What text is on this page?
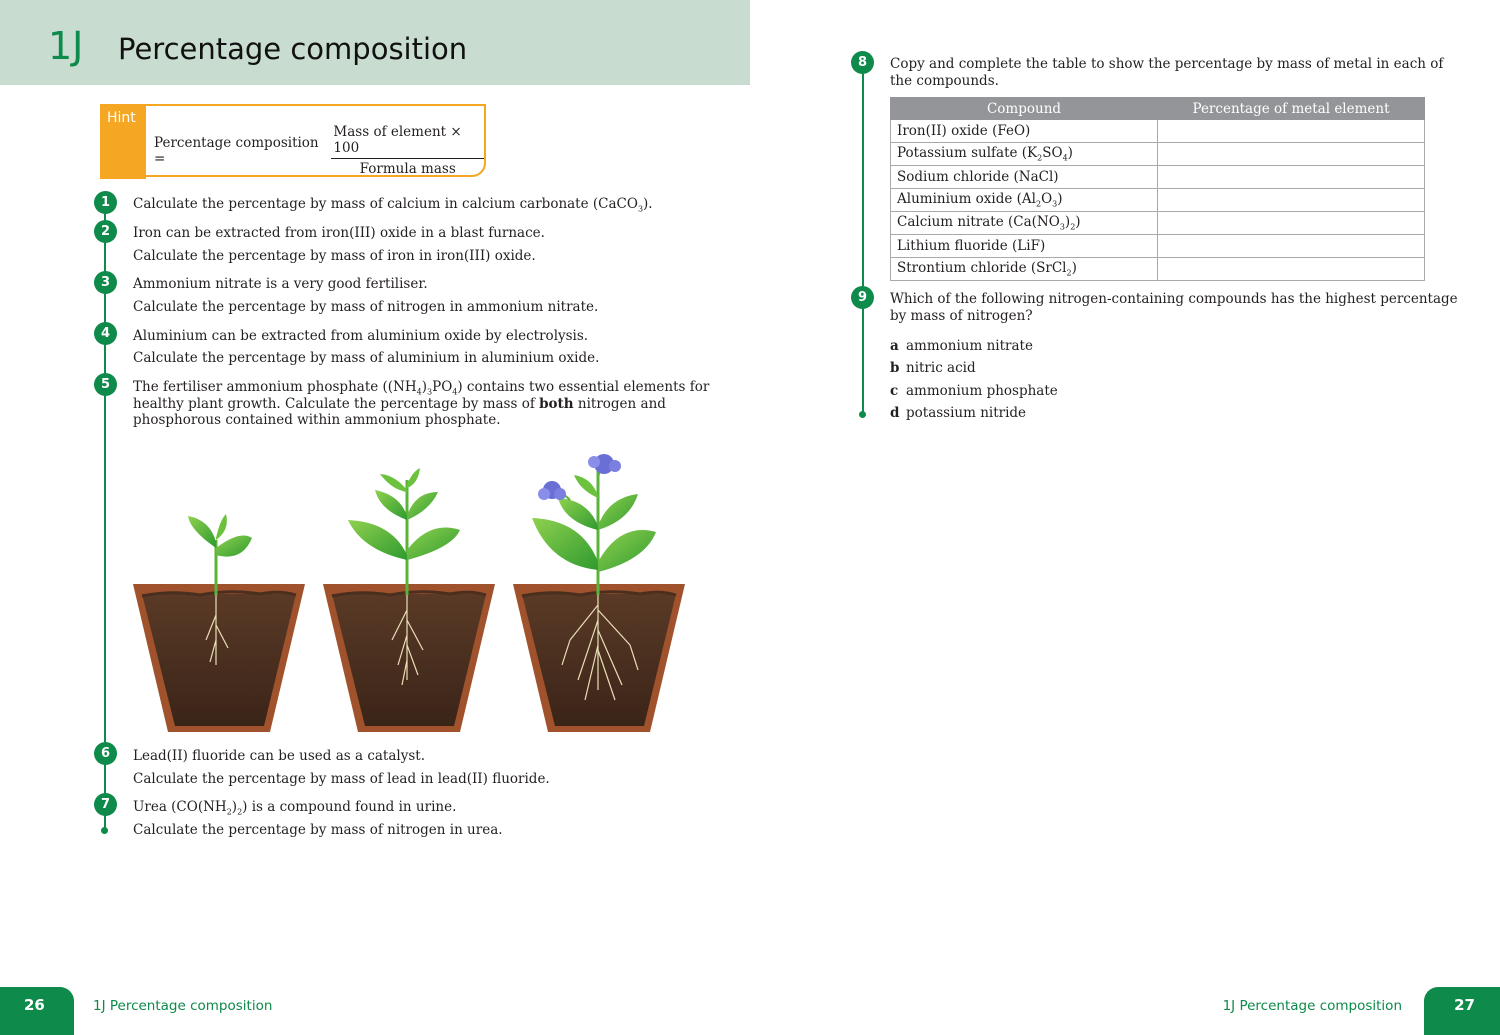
1J Percentage composition
Hint
Percentage composition =	$\frac{\text{Mass of element × 100}}{\text{Formula mass}}$
1	Calculate the percentage by mass of calcium in calcium carbonate (CaCO$_3$).
2	Iron can be extracted from iron(III) oxide in a blast furnace.
Calculate the percentage by mass of iron in iron(III) oxide.
3	Ammonium nitrate is a very good fertiliser.
Calculate the percentage by mass of nitrogen in ammonium nitrate.
4	Aluminium can be extracted from aluminium oxide by electrolysis.
Calculate the percentage by mass of aluminium in aluminium oxide.
5	The fertiliser ammonium phosphate $((NH_4)_3PO_4)$ contains two essential elements for
healthy plant growth. Calculate the percentage by mass of both nitrogen and
phosphorous contained within ammonium phosphate.
6	Lead(II) fluoride can be used as a catalyst.
Calculate the percentage by mass of lead in lead(II) fluoride.
7	Urea $(CO(NH_2)_2)$ is a compound found in urine.
Calculate the percentage by mass of nitrogen in urea.
8	Copy and complete the table to show the percentage by mass of metal in each of
the compounds.
Compound	Percentage of metal element
Iron(II) oxide (FeO)	
Potassium sulfate $(K_2SO_4)$	
Sodium chloride (NaCl)	
Aluminium oxide $(Al_2O_3)$	
Calcium nitrate $(Ca(NO_3)_2)$	
Lithium fluoride (LiF)	
Strontium chloride (SrCl$_2$)	
9	Which of the following nitrogen-containing compounds has the highest percentage
by mass of nitrogen?
a ammonium nitrate
b nitric acid
c ammonium phosphate
d potassium nitride
26	1J Percentage composition	1J Percentage composition	27
